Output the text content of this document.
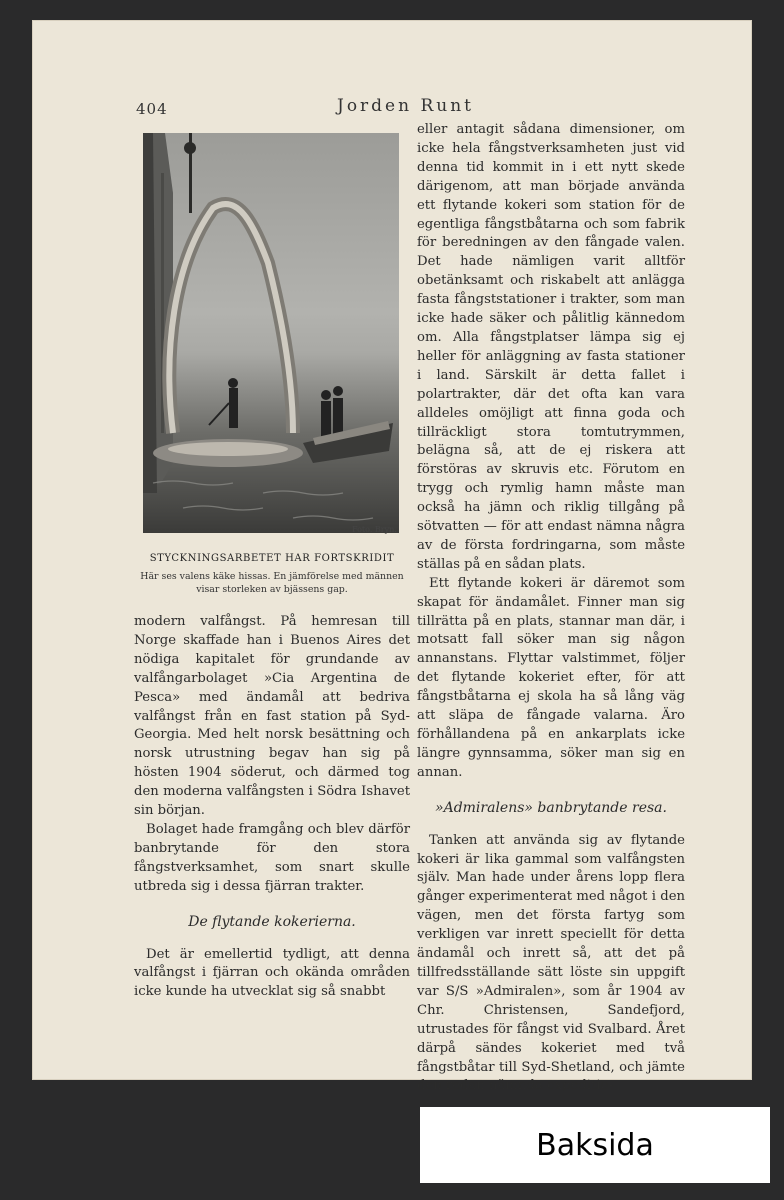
404	Jorden Runt
Foto. Bryn.
STYCKNINGSARBETET HAR FORTSKRIDIT
Här ses valens käke hissas. En jämförelse med männen visar storleken av bjässens gap.

modern valfångst. På hemresan till Norge skaffade han i Buenos Aires det nödiga kapitalet för grundande av valfångarbolaget »Cia Argentina de Pesca» med ändamål att bedriva valfångst från en fast station på Syd-Georgia. Med helt norsk besättning och norsk utrustning begav han sig på hösten 1904 söderut, och därmed tog den moderna valfångsten i Södra Ishavet sin början.

Bolaget hade framgång och blev därför banbrytande för den stora fångstverksamhet, som snart skulle utbreda sig i dessa fjärran trakter.

De flytande kokerierna.

Det är emellertid tydligt, att denna valfångst i fjärran och okända områden icke kunde ha utvecklat sig så snabbt

eller antagit sådana dimensioner, om icke hela fångstverksamheten just vid denna tid kommit in i ett nytt skede därigenom, att man började använda ett flytande kokeri som station för de egentliga fångstbåtarna och som fabrik för beredningen av den fångade valen. Det hade nämligen varit alltför obetänksamt och riskabelt att anlägga fasta fångststationer i trakter, som man icke hade säker och pålitlig kännedom om. Alla fångstplatser lämpa sig ej heller för anläggning av fasta stationer i land. Särskilt är detta fallet i polartrakter, där det ofta kan vara alldeles omöjligt att finna goda och tillräckligt stora tomtutrymmen, belägna så, att de ej riskera att förstöras av skruvis etc. Förutom en trygg och rymlig hamn måste man också ha jämn och riklig tillgång på sötvatten — för att endast nämna några av de första fordringarna, som måste ställas på en sådan plats.

Ett flytande kokeri är däremot som skapat för ändamålet. Finner man sig tillrätta på en plats, stannar man där, i motsatt fall söker man sig någon annanstans. Flyttar valstimmet, följer det flytande kokeriet efter, för att fångstbåtarna ej skola ha så lång väg att släpa de fångade valarna. Äro förhållandena på en ankarplats icke längre gynnsamma, söker man sig en annan.

»Admiralens» banbrytande resa.

Tanken att använda sig av flytande kokeri är lika gammal som valfångsten själv. Man hade under årens lopp flera gånger experimenterat med något i den vägen, men det första fartyg som verkligen var inrett speciellt för detta ändamål och inrett så, att det på tillfredsställande sätt löste sin uppgift var S/S »Admiralen», som år 1904 av Chr. Christensen, Sandefjord, utrustades för fångst vid Svalbard. Året därpå sändes kokeriet med två fångstbåtar till Syd-Shetland, och jämte den redan nämnda expeditio-

Baksida
